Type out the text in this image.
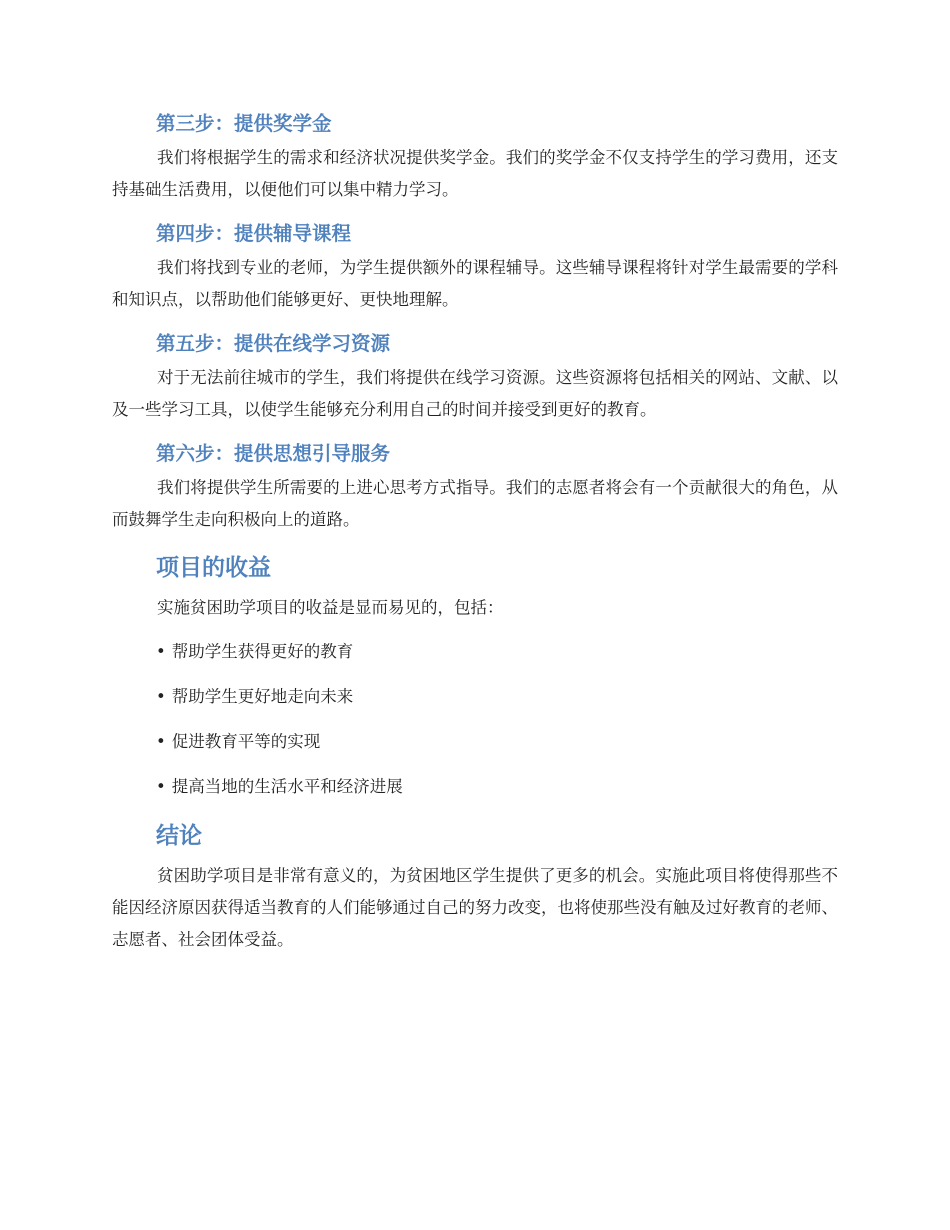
第三步：提供奖学金

我们将根据学生的需求和经济状况提供奖学金。我们的奖学金不仅支持学生的学习费用，还支持基础生活费用，以便他们可以集中精力学习。

第四步：提供辅导课程

我们将找到专业的老师，为学生提供额外的课程辅导。这些辅导课程将针对学生最需要的学科和知识点，以帮助他们能够更好、更快地理解。

第五步：提供在线学习资源

对于无法前往城市的学生，我们将提供在线学习资源。这些资源将包括相关的网站、文献、以及一些学习工具，以使学生能够充分利用自己的时间并接受到更好的教育。

第六步：提供思想引导服务

我们将提供学生所需要的上进心思考方式指导。我们的志愿者将会有一个贡献很大的角色，从而鼓舞学生走向积极向上的道路。

项目的收益

实施贫困助学项目的收益是显而易见的，包括：

• 帮助学生获得更好的教育
• 帮助学生更好地走向未来
• 促进教育平等的实现
• 提高当地的生活水平和经济进展
结论

贫困助学项目是非常有意义的，为贫困地区学生提供了更多的机会。实施此项目将使得那些不能因经济原因获得适当教育的人们能够通过自己的努力改变，也将使那些没有触及过好教育的老师、志愿者、社会团体受益。
